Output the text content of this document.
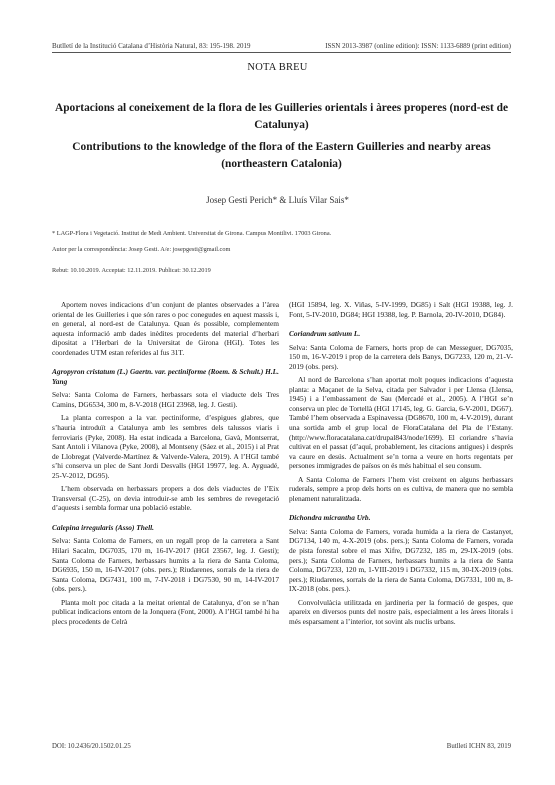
Butlletí de la Institució Catalana d’Història Natural, 83: 195-198. 2019	ISSN 2013-3987 (online edition): ISSN: 1133-6889 (print edition)
NOTA BREU
Aportacions al coneixement de la flora de les Guilleries orientals i àrees properes (nord-est de Catalunya)
Contributions to the knowledge of the flora of the Eastern Guilleries and nearby areas (northeastern Catalonia)
Josep Gesti Perich* & Lluís Vilar Sais*
* LAGP-Flora i Vegetació. Institut de Medi Ambient. Universitat de Girona. Campus Montilivi. 17003 Girona.
Autor per la correspondència: Josep Gesti. A/e: josepgesti@gmail.com
Rebut: 10.10.2019. Acceptat: 12.11.2019. Publicat: 30.12.2019

Aportem noves indicacions d’un conjunt de plantes observades a l’àrea oriental de les Guilleries i que són rares o poc conegudes en aquest massís i, en general, al nord-est de Catalunya. Quan és possible, complementem aquesta informació amb dades inèdites procedents del material d’herbari dipositat a l’Herbari de la Universitat de Girona (HGI). Totes les coordenades UTM estan referides al fus 31T.

Agropyron cristatum (L.) Gaertn. var. pectiniforme (Roem. & Schult.) H.L. Yang

Selva: Santa Coloma de Farners, herbassars sota el viaducte dels Tres Camins, DG6534, 300 m, 8-V-2018 (HGI 23968, leg. J. Gesti).

La planta correspon a la var. pectiniforme, d’espigues glabres, que s’hauria introduït a Catalunya amb les sembres dels talussos viaris i ferroviaris (Pyke, 2008). Ha estat indicada a Barcelona, Gavà, Montserrat, Sant Antoli i Vilanova (Pyke, 2008), al Montseny (Sáez et al., 2015) i al Prat de Llobregat (Valverde-Martínez & Valverde-Valera, 2019). A l’HGI també s’hi conserva un plec de Sant Jordi Desvalls (HGI 19977, leg. A. Ayguadé, 25-V-2012, DG95).

L’hem observada en herbassars propers a dos dels viaductes de l’Eix Transversal (C-25), on devia introduir-se amb les sembres de revegetació d’aquests i sembla formar una població estable.

Calepina irregularis (Asso) Thell.

Selva: Santa Coloma de Farners, en un regall prop de la carretera a Sant Hilari Sacalm, DG7035, 170 m, 16-IV-2017 (HGI 23567, leg. J. Gesti); Santa Coloma de Farners, herbassars humits a la riera de Santa Coloma, DG6935, 150 m, 16-IV-2017 (obs. pers.); Riudarenes, sorrals de la riera de Santa Coloma, DG7431, 100 m, 7-IV-2018 i DG7530, 90 m, 14-IV-2017 (obs. pers.).

Planta molt poc citada a la meitat oriental de Catalunya, d’on se n’han publicat indicacions entorn de la Jonquera (Font, 2000). A l’HGI també hi ha plecs procedents de Celrà

(HGI 15894, leg. X. Viñas, 5-IV-1999, DG85) i Salt (HGI 19388, leg. J. Font, 5-IV-2010, DG84; HGI 19388, leg. P. Barnola, 20-IV-2010, DG84).

Coriandrum sativum L.

Selva: Santa Coloma de Farners, horts prop de can Messeguer, DG7035, 150 m, 16-V-2019 i prop de la carretera dels Banys, DG7233, 120 m, 21-V-2019 (obs. pers).

Al nord de Barcelona s’han aportat molt poques indicacions d’aquesta planta: a Maçanet de la Selva, citada per Salvador i per Llensa (Llensa, 1945) i a l’embassament de Sau (Mercadé et al., 2005). A l’HGI se’n conserva un plec de Tortellà (HGI 17145, leg. G. Garcia, 6-V-2001, DG67). També l’hem observada a Espinavessa (DG8670, 100 m, 4-V-2019), durant una sortida amb el grup local de FloraCatalana del Pla de l’Estany. (http://www.floracatalana.cat/drupal843/node/1699). El coriandre s’havia cultivat en el passat (d’aquí, probablement, les citacions antigues) i després va caure en desús. Actualment se’n torna a veure en horts regentats per persones immigrades de països on és més habitual el seu consum.

A Santa Coloma de Farners l’hem vist creixent en alguns herbassars ruderals, sempre a prop dels horts on es cultiva, de manera que no sembla plenament naturalitzada.

Dichondra micrantha Urb.

Selva: Santa Coloma de Farners, vorada humida a la riera de Castanyet, DG7134, 140 m, 4-X-2019 (obs. pers.); Santa Coloma de Farners, vorada de pista forestal sobre el mas Xifre, DG7232, 185 m, 29-IX-2019 (obs. pers.); Santa Coloma de Farners, herbassars humits a la riera de Santa Coloma, DG7233, 120 m, 1-VIII-2019 i DG7332, 115 m, 30-IX-2019 (obs. pers.); Riudarenes, sorrals de la riera de Santa Coloma, DG7331, 100 m, 8-IX-2018 (obs. pers.).

Convolvulàcia utilitzada en jardineria per la formació de gespes, que apareix en diversos punts del nostre país, especialment a les àrees litorals i més esparsament a l’interior, tot sovint als nuclis urbans.

DOI: 10.2436/20.1502.01.25	Butlletí ICHN 83, 2019
